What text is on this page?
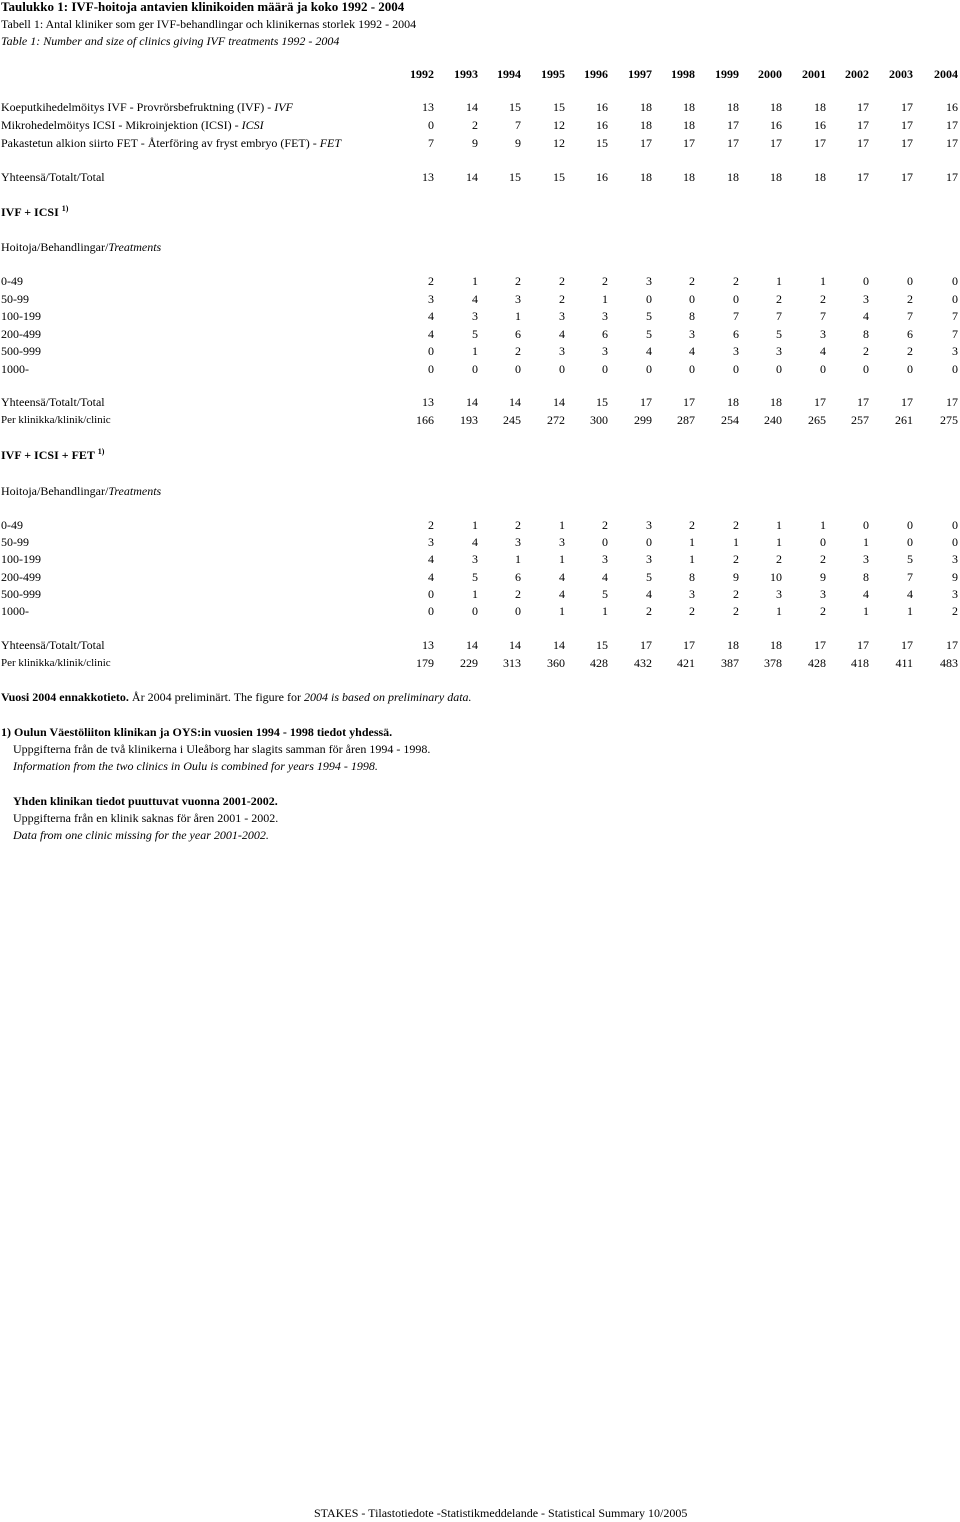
Taulukko 1: IVF-hoitoja antavien klinikoiden määrä ja koko 1992 - 2004
Tabell 1: Antal kliniker som ger IVF-behandlingar och klinikernas storlek 1992 - 2004
Table 1: Number and size of clinics giving IVF treatments 1992 - 2004
1992	1993	1994	1995	1996	1997	1998	1999	2000	2001	2002	2003	2004
Koeputkihedelmöitys IVF - Provrörsbefruktning (IVF) - IVF	13	14	15	15	16	18	18	18	18	18	17	17	16
Mikrohedelmöitys ICSI - Mikroinjektion (ICSI) - ICSI	0	2	7	12	16	18	18	17	16	16	17	17	17
Pakastetun alkion siirto FET - Återföring av fryst embryo (FET) - FET	7	9	9	12	15	17	17	17	17	17	17	17	17
Yhteensä/Totalt/Total	13	14	15	15	16	18	18	18	18	18	17	17	17
IVF + ICSI $^{1)}$
Hoitoja/Behandlingar/Treatments
0-49	2	1	2	2	2	3	2	2	1	1	0	0	0
50-99	3	4	3	2	1	0	0	0	2	2	3	2	0
100-199	4	3	1	3	3	5	8	7	7	7	4	7	7
200-499	4	5	6	4	6	5	3	6	5	3	8	6	7
500-999	0	1	2	3	3	4	4	3	3	4	2	2	3
1000-	0	0	0	0	0	0	0	0	0	0	0	0	0
Yhteensä/Totalt/Total	13	14	14	14	15	17	17	18	18	17	17	17	17
Per klinikka/klinik/clinic	166	193	245	272	300	299	287	254	240	265	257	261	275
IVF + ICSI + FET $^{1)}$
Hoitoja/Behandlingar/Treatments
0-49	2	1	2	1	2	3	2	2	1	1	0	0	0
50-99	3	4	3	3	0	0	1	1	1	0	1	0	0
100-199	4	3	1	1	3	3	1	2	2	2	3	5	3
200-499	4	5	6	4	4	5	8	9	10	9	8	7	9
500-999	0	1	2	4	5	4	3	2	3	3	4	4	3
1000-	0	0	0	1	1	2	2	2	1	2	1	1	2
Yhteensä/Totalt/Total	13	14	14	14	15	17	17	18	18	17	17	17	17
Per klinikka/klinik/clinic	179	229	313	360	428	432	421	387	378	428	418	411	483
Vuosi 2004 ennakkotieto. År 2004 preliminärt. The figure for 2004 is based on preliminary data.
1) Oulun Väestöliiton klinikan ja OYS:in vuosien 1994 - 1998 tiedot yhdessä.
Uppgifterna från de två klinikerna i Uleåborg har slagits samman för åren 1994 - 1998.
Information from the two clinics in Oulu is combined for years 1994 - 1998.
Yhden klinikan tiedot puuttuvat vuonna 2001-2002.
Uppgifterna från en klinik saknas för åren 2001 - 2002.
Data from one clinic missing for the year 2001-2002.
STAKES - Tilastotiedote -Statistikmeddelande - Statistical Summary 10/2005
